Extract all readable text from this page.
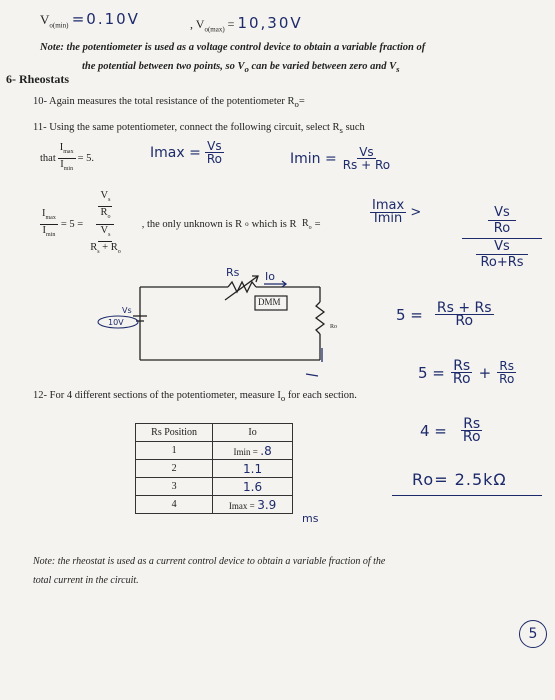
$V_{o(min)} =0.10V$	, $V_{o(max)} = 10,30V$
Note: the potentiometer is used as a voltage control device to obtain a variable fraction of
the potential between two points, so $V_o$ can be varied between zero and $V_s$
6- Rheostats
10- Again measures the total resistance of the potentiometer $R_o=$
11- Using the same potentiometer, connect the following circuit, select $R_s$ such
that $\frac{I_{max}}{I_{min}} = 5$.	$Imax = \frac{Vs}{Ro}$	$Imin = \frac{Vs}{Rs + Ro}$
$\frac{I_{max}}{I_{min}} = 5 = \frac{\frac{V_s}{R_o}}{\frac{V_s}{R_s + R_o}}$ , the only unknown is R o which is R $R_o$ =	$\frac{Imax}{Imin}$ >	Vs
Ro
Vs
Ro+Rs
$5 = \frac{Rs + Rs}{Ro}$
$5 = \frac{Rs}{Ro} + \frac{Rs}{Ro}$
$4 = \frac{Rs}{Ro}$
Ro= 2.5kΩ
Rs Io
DMM
Vs
10V	Ro
12- For 4 different sections of the potentiometer, measure $I_o$ for each section.
Rs Position	Io
1	Imin = .8
2	1.1
3	1.6
4	Imax = 3.9
ms
Note: the rheostat is used as a current control device to obtain a variable fraction of the
total current in the circuit.
5
